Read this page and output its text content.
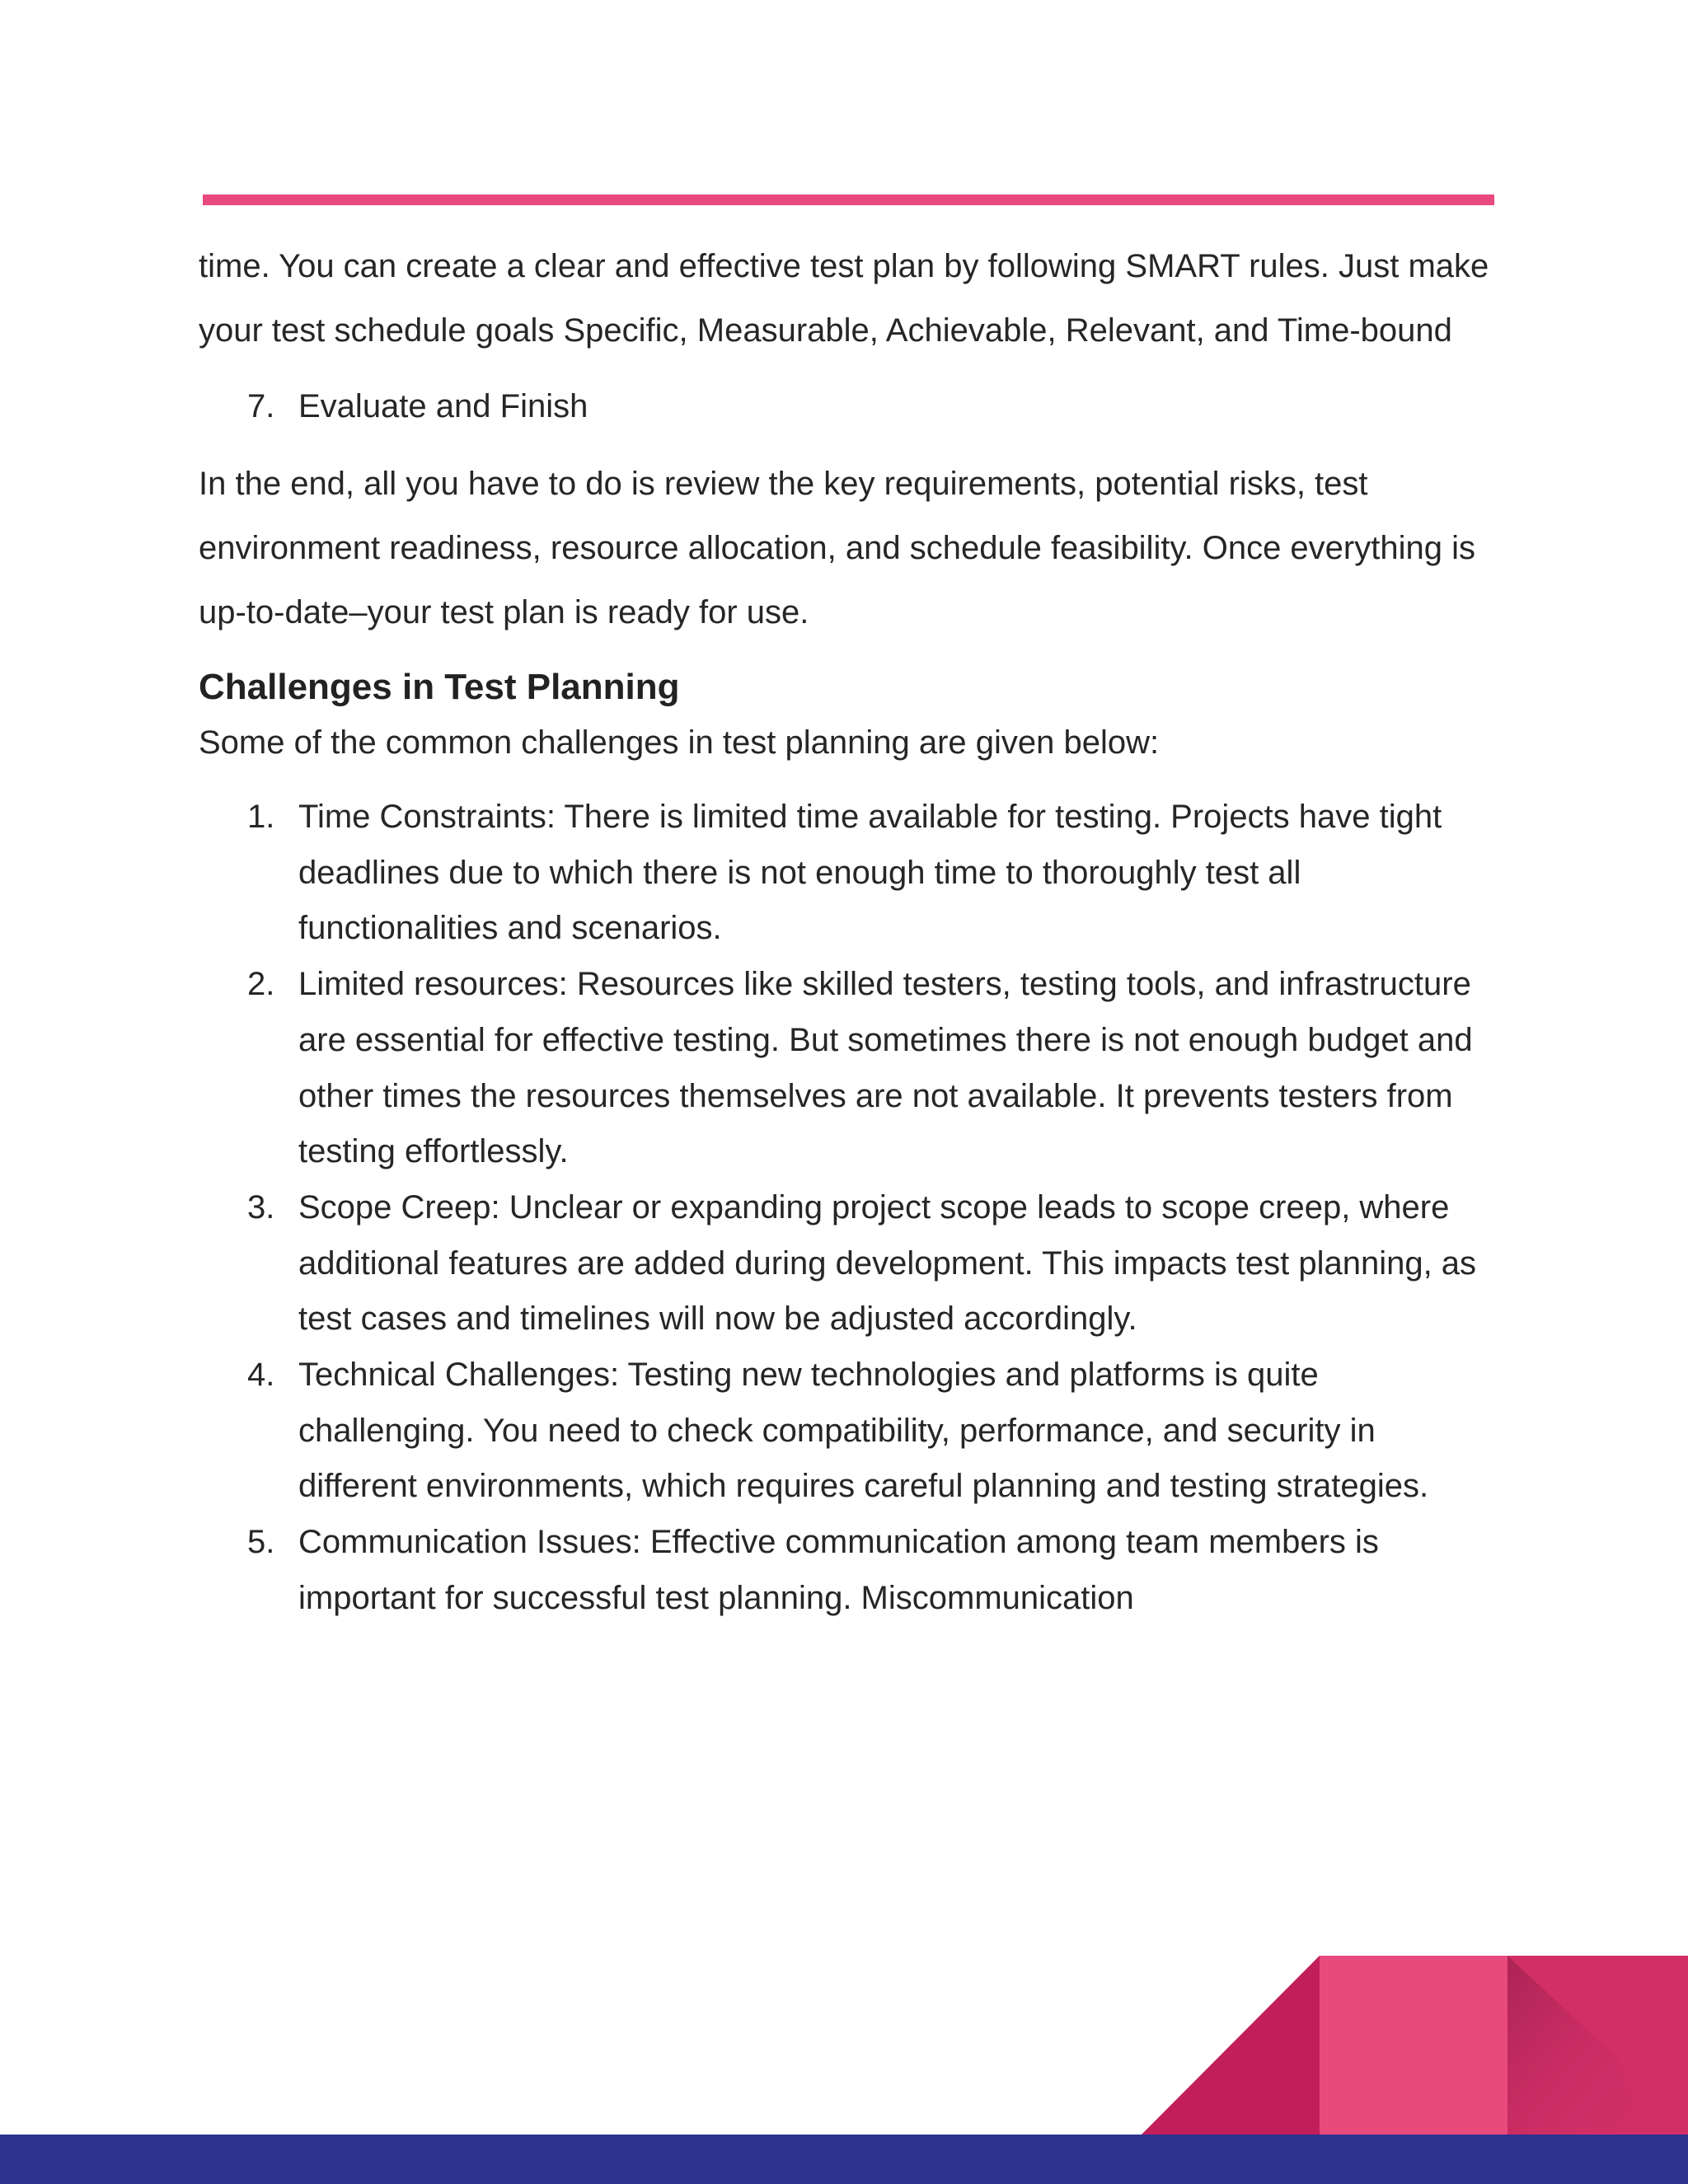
time. You can create a clear and effective test plan by following SMART rules. Just make your test schedule goals Specific, Measurable, Achievable, Relevant, and Time-bound

7. Evaluate and Finish

In the end, all you have to do is review the key requirements, potential risks, test environment readiness, resource allocation, and schedule feasibility. Once everything is up-to-date–your test plan is ready for use.

Challenges in Test Planning

Some of the common challenges in test planning are given below:

1. Time Constraints: There is limited time available for testing. Projects have tight deadlines due to which there is not enough time to thoroughly test all functionalities and scenarios.
2. Limited resources: Resources like skilled testers, testing tools, and infrastructure are essential for effective testing. But sometimes there is not enough budget and other times the resources themselves are not available. It prevents testers from testing effortlessly.
3. Scope Creep: Unclear or expanding project scope leads to scope creep, where additional features are added during development. This impacts test planning, as test cases and timelines will now be adjusted accordingly.
4. Technical Challenges: Testing new technologies and platforms is quite challenging. You need to check compatibility, performance, and security in different environments, which requires careful planning and testing strategies.
5. Communication Issues: Effective communication among team members is important for successful test planning. Miscommunication
